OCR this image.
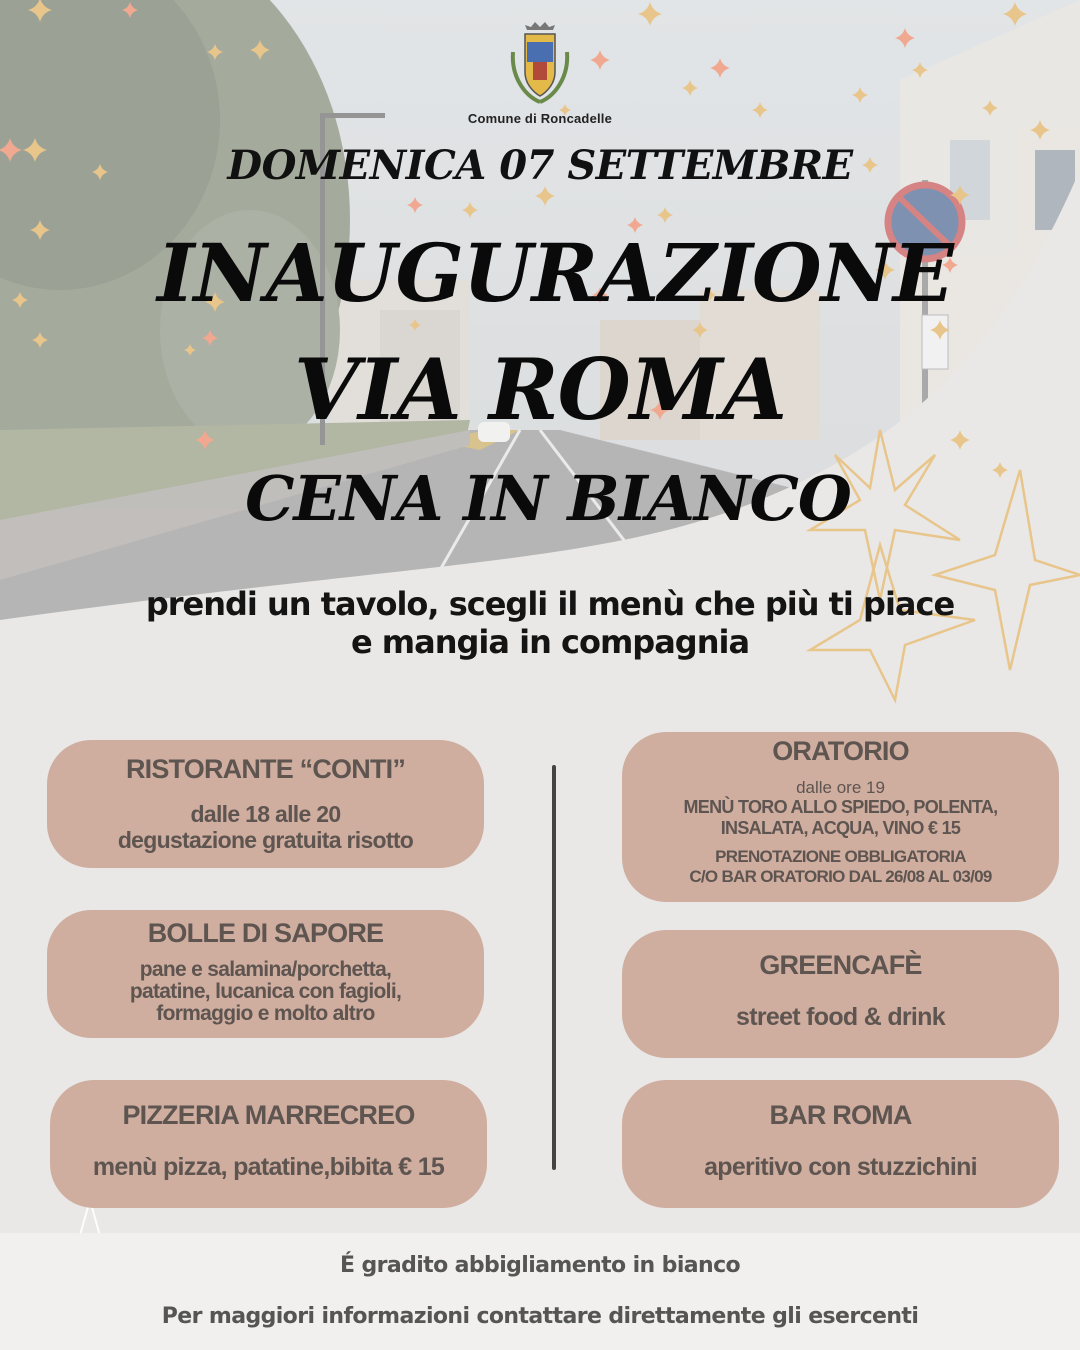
Comune di Roncadelle
DOMENICA 07 SETTEMBRE
INAUGURAZIONE
VIA ROMA
CENA IN BIANCO
prendi un tavolo, scegli il menù che più ti piace
e mangia in compagnia
RISTORANTE “CONTI”
dalle 18 alle 20
degustazione gratuita risotto
BOLLE DI SAPORE
pane e salamina/porchetta,
patatine, lucanica con fagioli,
formaggio e molto altro
PIZZERIA MARRECREO
menù pizza, patatine,bibita € 15
ORATORIO
dalle ore 19
MENÙ TORO ALLO SPIEDO, POLENTA,
INSALATA, ACQUA, VINO € 15
PRENOTAZIONE OBBLIGATORIA
C/O BAR ORATORIO DAL 26/08 AL 03/09
GREENCAFÈ
street food & drink
BAR ROMA
aperitivo con stuzzichini
É gradito abbigliamento in bianco
Per maggiori informazioni contattare direttamente gli esercenti
